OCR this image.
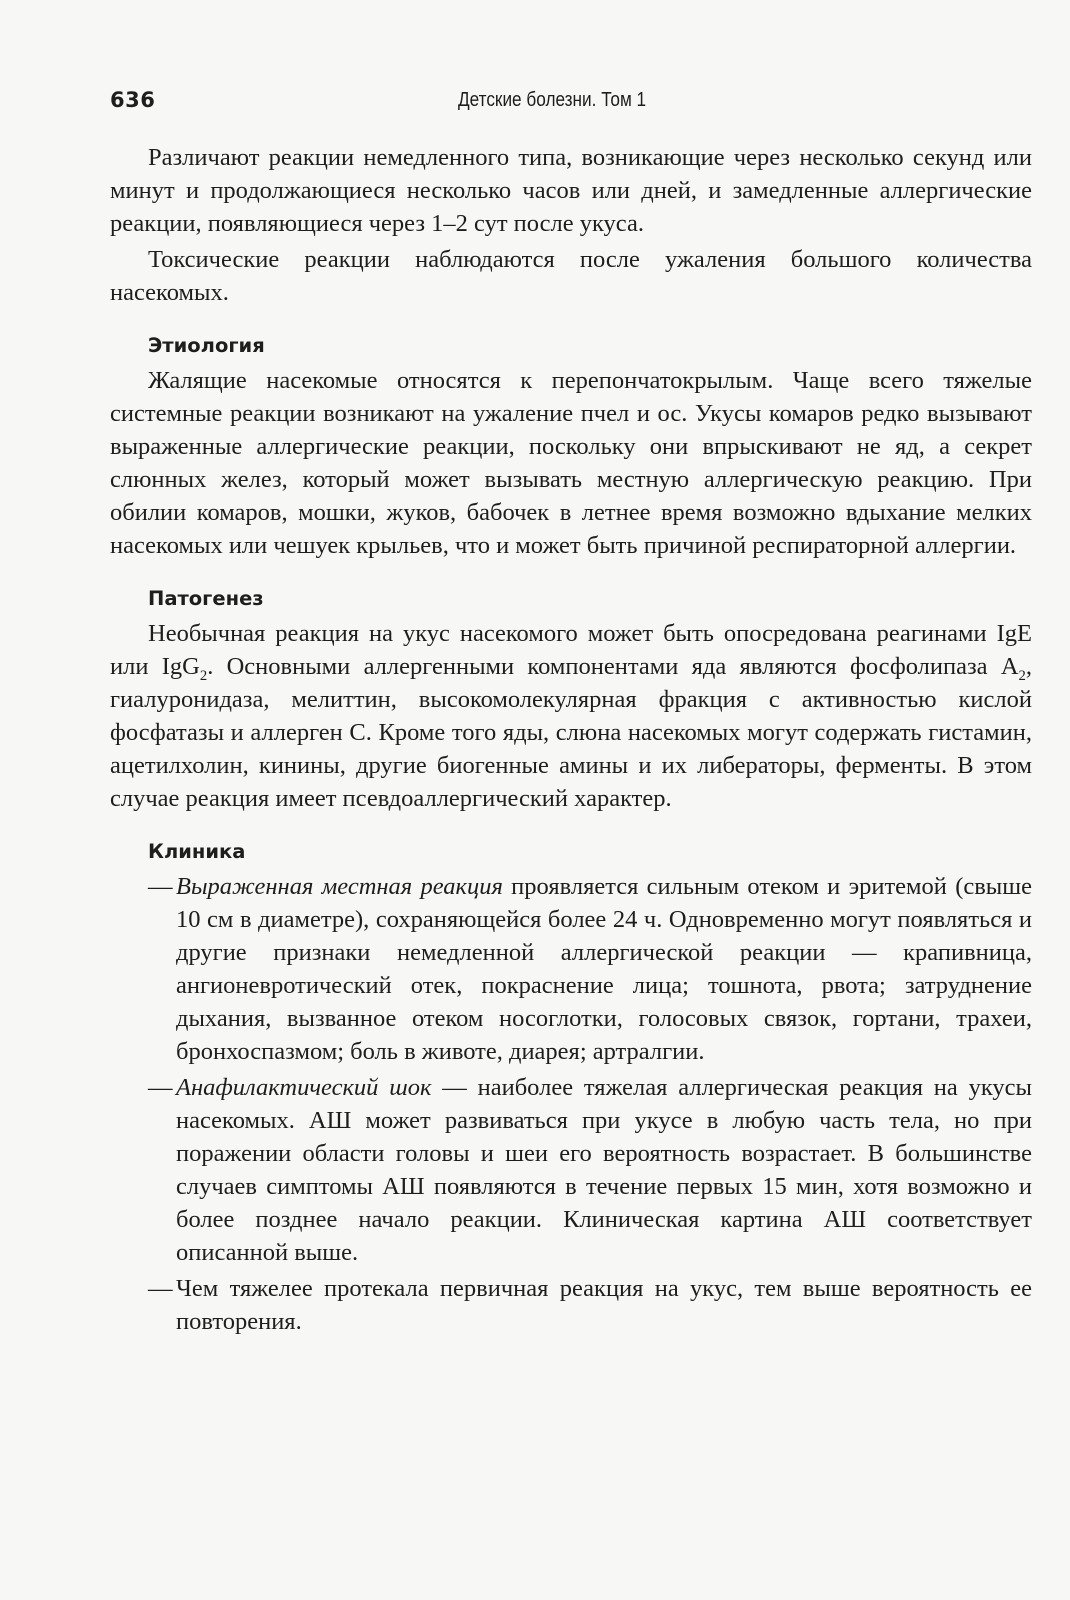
636	Детские болезни. Том 1

Различают реакции немедленного типа, возникающие через несколько секунд или минут и продолжающиеся несколько часов или дней, и замедленные аллергические реакции, появляющиеся через 1–2 сут после укуса.

Токсические реакции наблюдаются после ужаления большого количества насекомых.

Этиология

Жалящие насекомые относятся к перепончатокрылым. Чаще всего тяжелые системные реакции возникают на ужаление пчел и ос. Укусы комаров редко вызывают выраженные аллергические реакции, поскольку они впрыскивают не яд, а секрет слюнных желез, который может вызывать местную аллергическую реакцию. При обилии комаров, мошки, жуков, бабочек в летнее время возможно вдыхание мелких насекомых или чешуек крыльев, что и может быть причиной респираторной аллергии.

Патогенез

Необычная реакция на укус насекомого может быть опосредована реагинами IgE или IgG$_2$. Основными аллергенными компонентами яда являются фосфолипаза $A_2$, гиалуронидаза, мелиттин, высокомолекулярная фракция с активностью кислой фосфатазы и аллерген С. Кроме того яды, слюна насекомых могут содержать гистамин, ацетилхолин, кинины, другие биогенные амины и их либераторы, ферменты. В этом случае реакция имеет псевдоаллергический характер.

Клиника
— Выраженная местная реакция проявляется сильным отеком и эритемой (свыше 10 см в диаметре), сохраняющейся более 24 ч. Одновременно могут появляться и другие признаки немедленной аллергической реакции — крапивница, ангионевротический отек, покраснение лица; тошнота, рвота; затруднение дыхания, вызванное отеком носоглотки, голосовых связок, гортани, трахеи, бронхоспазмом; боль в животе, диарея; артралгии.
— Анафилактический шок — наиболее тяжелая аллергическая реакция на укусы насекомых. АШ может развиваться при укусе в любую часть тела, но при поражении области головы и шеи его вероятность возрастает. В большинстве случаев симптомы АШ появляются в течение первых 15 мин, хотя возможно и более позднее начало реакции. Клиническая картина АШ соответствует описанной выше.
— Чем тяжелее протекала первичная реакция на укус, тем выше вероятность ее повторения.
